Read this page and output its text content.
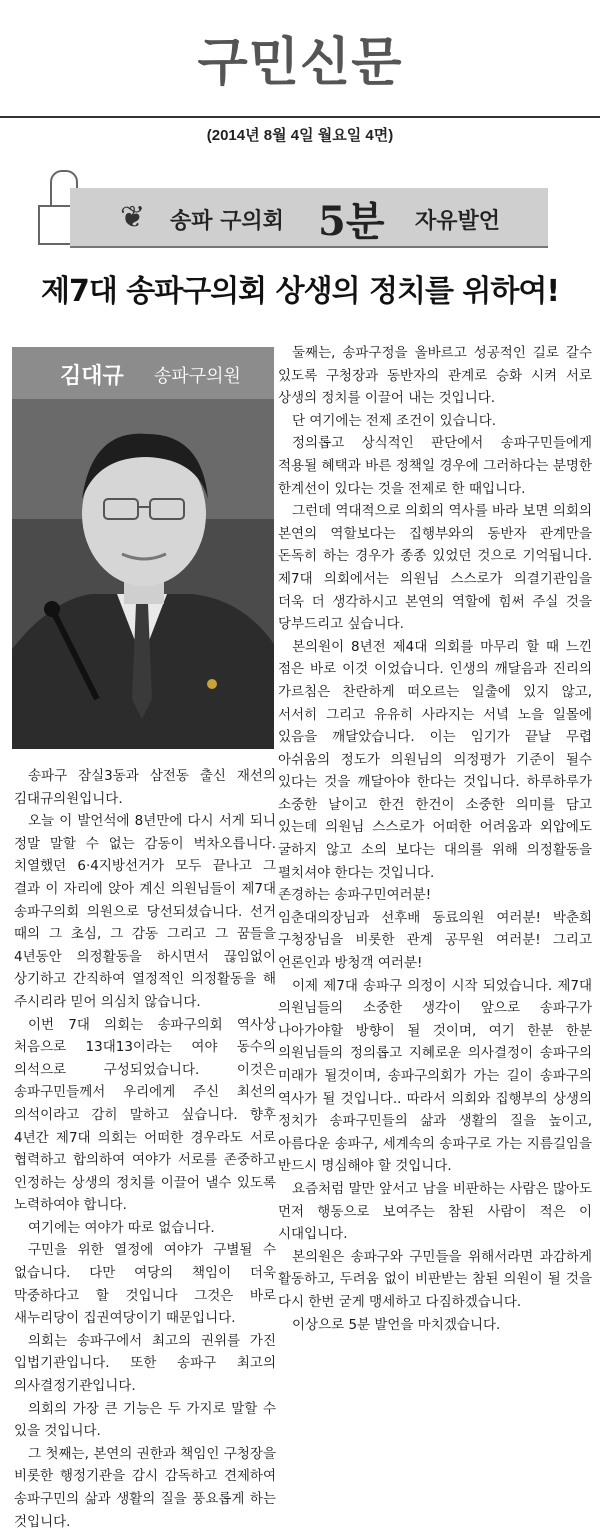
구민신문
(2014년 8월 4일 월요일 4면)
❦ 송파 구의회 5분 자유발언
제7대 송파구의회 상생의 정치를 위하여!
김대규 송파구의원

둘째는, 송파구정을 올바르고 성공적인 길로 갈수 있도록 구청장과 동반자의 관계로 승화 시켜 서로 상생의 정치를 이끌어 내는 것입니다.

단 여기에는 전제 조건이 있습니다.

정의롭고 상식적인 판단에서 송파구민들에게 적용될 혜택과 바른 정책일 경우에 그러하다는 분명한 한계선이 있다는 것을 전제로 한 때입니다.

그런데 역대적으로 의회의 역사를 바라 보면 의회의 본연의 역할보다는 집행부와의 동반자 관계만을 돈독히 하는 경우가 종종 있었던 것으로 기억됩니다. 제7대 의회에서는 의원님 스스로가 의결기관임을 더욱 더 생각하시고 본연의 역할에 힘써 주실 것을 당부드리고 싶습니다.

본의원이 8년전 제4대 의회를 마무리 할 때 느낀 점은 바로 이것 이었습니다. 인생의 깨달음과 진리의 가르침은 찬란하게 떠오르는 일출에 있지 않고, 서서히 그리고 유유히 사라지는 서녘 노을 일몰에 있음을 깨달았습니다. 이는 임기가 끝날 무렵 아쉬움의 정도가 의원님의 의정평가 기준이 될수 있다는 것을 깨달아야 한다는 것입니다. 하루하루가 소중한 날이고 한건 한건이 소중한 의미를 담고 있는데 의원님 스스로가 어떠한 어려움과 외압에도 굴하지 않고 소의 보다는 대의를 위해 의정활동을 펼치셔야 한다는 것입니다.

존경하는 송파구민여러분!

임춘대의장님과 선후배 동료의원 여러분! 박춘희 구청장님을 비롯한 관계 공무원 여러분! 그리고 언론인과 방청객 여러분!

이제 제7대 송파구 의정이 시작 되었습니다. 제7대 의원님들의 소중한 생각이 앞으로 송파구가 나아가야할 방향이 될 것이며, 여기 한분 한분 의원님들의 정의롭고 지혜로운 의사결정이 송파구의 미래가 될것이며, 송파구의회가 가는 길이 송파구의 역사가 될 것입니다.. 따라서 의회와 집행부의 상생의 정치가 송파구민들의 삶과 생활의 질을 높이고, 아름다운 송파구, 세계속의 송파구로 가는 지름길임을 반드시 명심해야 할 것입니다.

요즘처럼 말만 앞서고 남을 비판하는 사람은 많아도 먼저 행동으로 보여주는 참된 사람이 적은 이 시대입니다.

본의원은 송파구와 구민들을 위해서라면 과감하게 활동하고, 두려움 없이 비판받는 참된 의원이 될 것을 다시 한번 굳게 맹세하고 다짐하겠습니다.

이상으로 5분 발언을 마치겠습니다.

송파구 잠실3동과 삼전동 출신 재선의 김대규의원입니다.

오늘 이 발언석에 8년만에 다시 서게 되니 정말 말할 수 없는 감동이 벅차오릅니다. 치열했던 6·4지방선거가 모두 끝나고 그 결과 이 자리에 앉아 계신 의원님들이 제7대 송파구의회 의원으로 당선되셨습니다. 선거 때의 그 초심, 그 감동 그리고 그 꿈들을 4년동안 의정활동을 하시면서 끊임없이 상기하고 간직하여 열정적인 의정활동을 해 주시리라 믿어 의심치 않습니다.

이번 7대 의회는 송파구의회 역사상 처음으로 13대13이라는 여야 동수의 의석으로 구성되었습니다. 이것은 송파구민들께서 우리에게 주신 최선의 의석이라고 감히 말하고 싶습니다. 향후 4년간 제7대 의회는 어떠한 경우라도 서로 협력하고 합의하여 여야가 서로를 존중하고 인정하는 상생의 정치를 이끌어 낼수 있도록 노력하여야 합니다.

여기에는 여야가 따로 없습니다.

구민을 위한 열정에 여야가 구별될 수 없습니다. 다만 여당의 책임이 더욱 막중하다고 할 것입니다 그것은 바로 새누리당이 집권여당이기 때문입니다.

의회는 송파구에서 최고의 권위를 가진 입법기관입니다. 또한 송파구 최고의 의사결정기관입니다.

의회의 가장 큰 기능은 두 가지로 말할 수 있을 것입니다.

그 첫째는, 본연의 권한과 책임인 구청장을 비롯한 행정기관을 감시 감독하고 견제하여 송파구민의 삶과 생활의 질을 풍요롭게 하는 것입니다.
